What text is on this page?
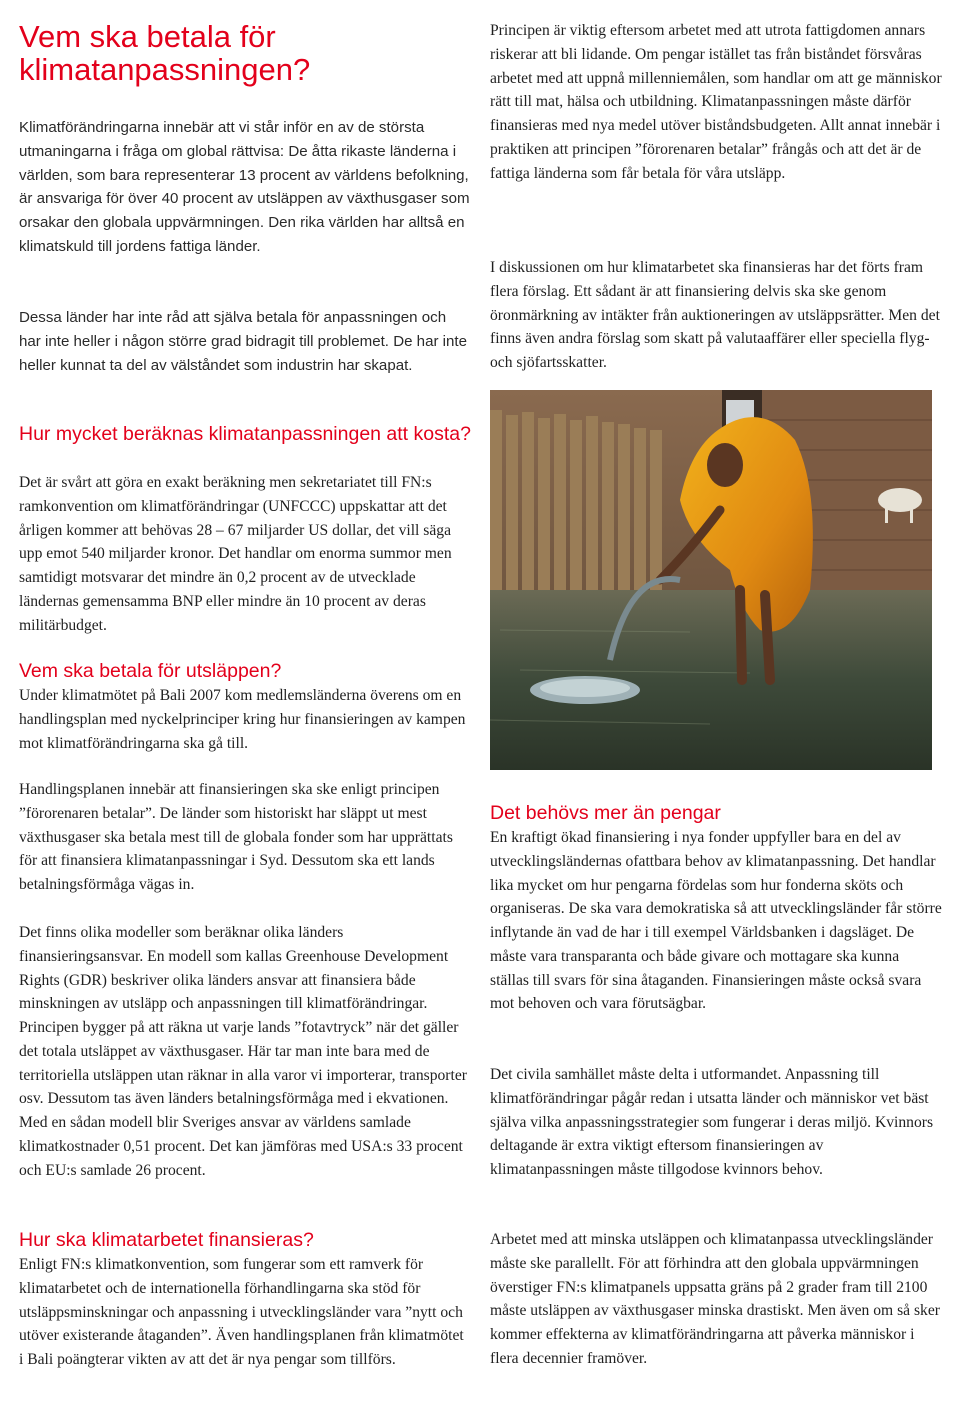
Vem ska betala för klimatanpassningen?

Klimatförändringarna innebär att vi står inför en av de största utmaningarna i fråga om global rättvisa: De åtta rikaste länderna i världen, som bara representerar 13 procent av världens befolkning, är ansvariga för över 40 procent av utsläppen av växthusgaser som orsakar den globala uppvärmningen. Den rika världen har alltså en klimatskuld till jordens fattiga länder.

Dessa länder har inte råd att själva betala för anpassningen och har inte heller i någon större grad bidragit till problemet. De har inte heller kunnat ta del av välståndet som industrin har skapat.

Hur mycket beräknas klimatanpassningen att kosta?

Det är svårt att göra en exakt beräkning men sekretariatet till FN:s ramkonvention om klimatförändringar (UNFCCC) uppskattar att det årligen kommer att behövas 28 – 67 miljarder US dollar, det vill säga upp emot 540 miljarder kronor. Det handlar om enorma summor men samtidigt motsvarar det mindre än 0,2 procent av de utvecklade ländernas gemensamma BNP eller mindre än 10 procent av deras militärbudget.

Vem ska betala för utsläppen?

Under klimatmötet på Bali 2007 kom medlemsländerna överens om en handlingsplan med nyckelprinciper kring hur finansieringen av kampen mot klimatförändringarna ska gå till.

Handlingsplanen innebär att finansieringen ska ske enligt principen ”förorenaren betalar”. De länder som historiskt har släppt ut mest växthusgaser ska betala mest till de globala fonder som har upprättats för att finansiera klimatanpassningar i Syd. Dessutom ska ett lands betalningsförmåga vägas in.

Det finns olika modeller som beräknar olika länders finansieringsansvar. En modell som kallas Greenhouse Development Rights (GDR) beskriver olika länders ansvar att finansiera både minskningen av utsläpp och anpassningen till klimatförändringar. Principen bygger på att räkna ut varje lands ”fotavtryck” när det gäller det totala utsläppet av växthusgaser. Här tar man inte bara med de territoriella utsläppen utan räknar in alla varor vi importerar, transporter osv. Dessutom tas även länders betalningsförmåga med i ekvationen. Med en sådan modell blir Sveriges ansvar av världens samlade klimatkostnader 0,51 procent. Det kan jämföras med USA:s 33 procent och EU:s samlade 26 procent.

Hur ska klimatarbetet finansieras?

Enligt FN:s klimatkonvention, som fungerar som ett ramverk för klimatarbetet och de internationella förhandlingarna ska stöd för utsläppsminskningar och anpassning i utvecklingsländer vara ”nytt och utöver existerande åtaganden”. Även handlingsplanen från klimatmötet i Bali poängterar vikten av att det är nya pengar som tillförs.

Principen är viktig eftersom arbetet med att utrota fattigdomen annars riskerar att bli lidande. Om pengar istället tas från biståndet försvåras arbetet med att uppnå millenniemålen, som handlar om att ge människor rätt till mat, hälsa och utbildning. Klimatanpassningen måste därför finansieras med nya medel utöver biståndsbudgeten. Allt annat innebär i praktiken att principen ”förorenaren betalar” frångås och att det är de fattiga länderna som får betala för våra utsläpp.

I diskussionen om hur klimatarbetet ska finansieras har det förts fram flera förslag. Ett sådant är att finansiering delvis ska ske genom öronmärkning av intäkter från auktioneringen av utsläppsrätter. Men det finns även andra förslag som skatt på valutaaffärer eller speciella flyg- och sjöfartsskatter.

Det behövs mer än pengar

En kraftigt ökad finansiering i nya fonder uppfyller bara en del av utvecklingsländernas ofattbara behov av klimatanpassning. Det handlar lika mycket om hur pengarna fördelas som hur fonderna sköts och organiseras. De ska vara demokratiska så att utvecklingsländer får större inflytande än vad de har i till exempel Världsbanken i dagsläget. De måste vara transparanta och både givare och mottagare ska kunna ställas till svars för sina åtaganden. Finansieringen måste också svara mot behoven och vara förutsägbar.

Det civila samhället måste delta i utformandet. Anpassning till klimatförändringar pågår redan i utsatta länder och människor vet bäst själva vilka anpassningsstrategier som fungerar i deras miljö. Kvinnors deltagande är extra viktigt eftersom finansieringen av klimatanpassningen måste tillgodose kvinnors behov.

Arbetet med att minska utsläppen och klimatanpassa utvecklingsländer måste ske parallellt. För att förhindra att den globala uppvärmningen överstiger FN:s klimatpanels uppsatta gräns på 2 grader fram till 2100 måste utsläppen av växthusgaser minska drastiskt. Men även om så sker kommer effekterna av klimatförändringarna att påverka människor i flera decennier framöver.
